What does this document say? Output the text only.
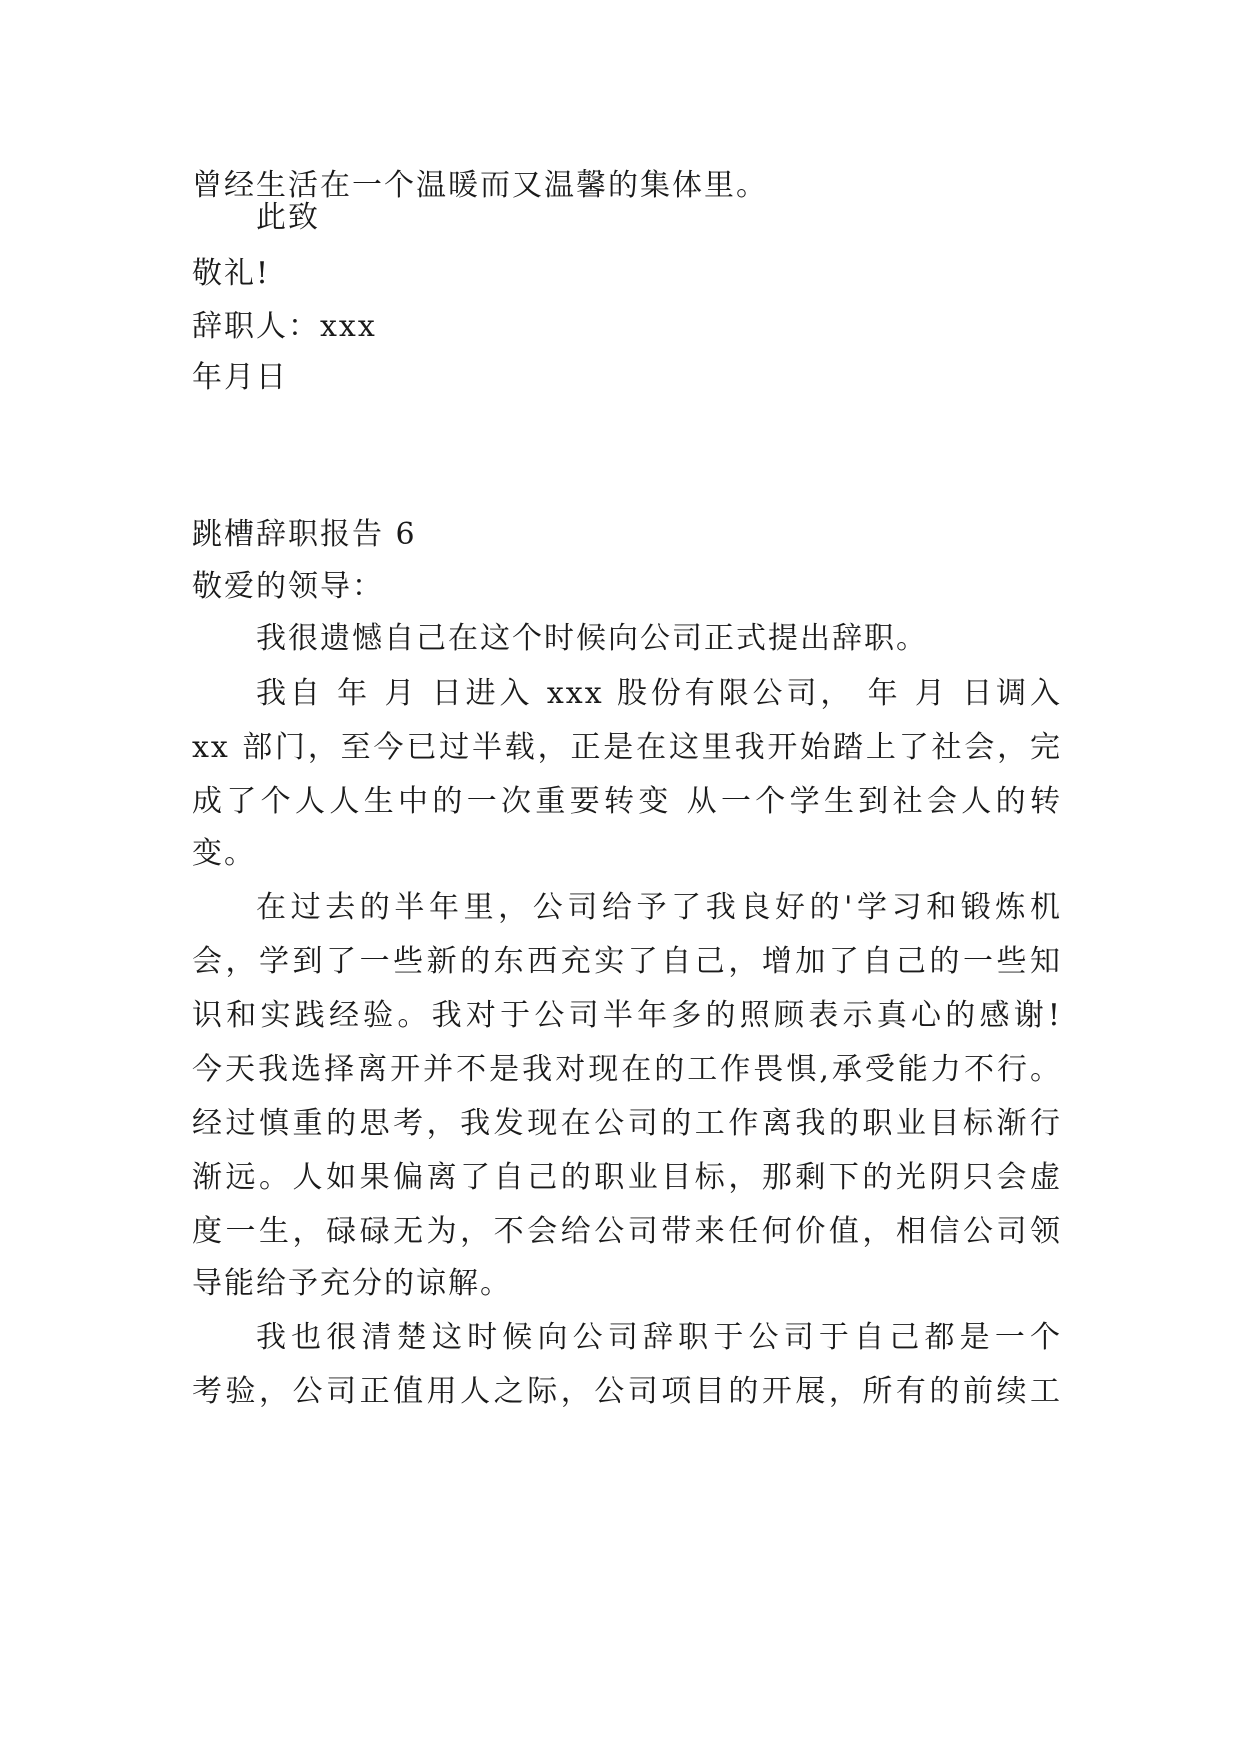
曾经生活在一个温暖而又温馨的集体里。

此致

敬礼!

辞职人：xxx

年月日

跳槽辞职报告 6

敬爱的领导：

我很遗憾自己在这个时候向公司正式提出辞职。

我自 年 月 日进入 xxx 股份有限公司， 年 月 日调入

xx 部门，至今已过半载，正是在这里我开始踏上了社会，完

成了个人人生中的一次重要转变 从一个学生到社会人的转

变。

在过去的半年里，公司给予了我良好的'学习和锻炼机

会，学到了一些新的东西充实了自己，增加了自己的一些知

识和实践经验。我对于公司半年多的照顾表示真心的感谢!

今天我选择离开并不是我对现在的工作畏惧,承受能力不行。

经过慎重的思考，我发现在公司的工作离我的职业目标渐行

渐远。人如果偏离了自己的职业目标，那剩下的光阴只会虚

度一生，碌碌无为，不会给公司带来任何价值，相信公司领

导能给予充分的谅解。

我也很清楚这时候向公司辞职于公司于自己都是一个

考验，公司正值用人之际，公司项目的开展，所有的前续工
